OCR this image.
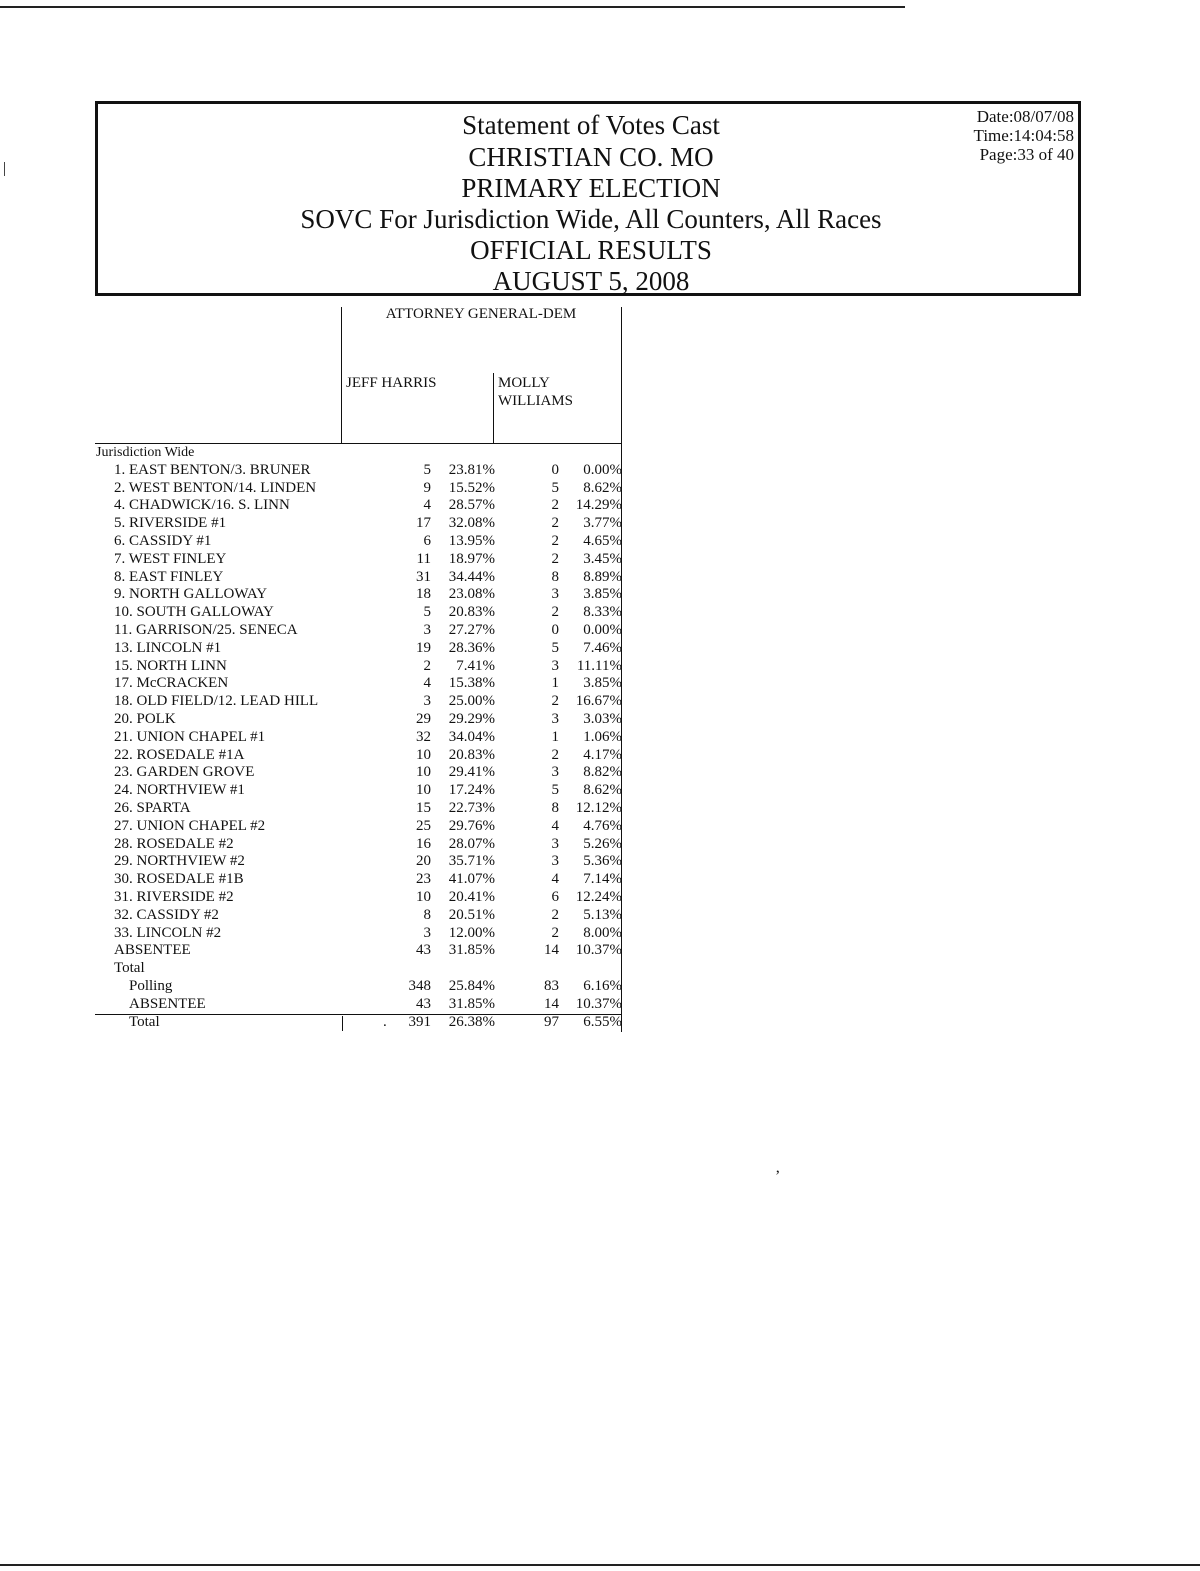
’
Statement of Votes Cast
CHRISTIAN CO. MO
PRIMARY ELECTION
SOVC For Jurisdiction Wide, All Counters, All Races
OFFICIAL RESULTS
AUGUST 5, 2008
Date:08/07/08
Time:14:04:58
Page:33 of 40
ATTORNEY GENERAL-DEM
JEFF HARRIS	MOLLY
WILLIAMS
Jurisdiction Wide
1. EAST BENTON/3. BRUNER	5 23.81%	0 0.00%
2. WEST BENTON/14. LINDEN	9 15.52%	5 8.62%
4. CHADWICK/16. S. LINN	4 28.57%	2 14.29%
5. RIVERSIDE #1	17 32.08%	2 3.77%
6. CASSIDY #1	6 13.95%	2 4.65%
7. WEST FINLEY	11 18.97%	2 3.45%
8. EAST FINLEY	31 34.44%	8 8.89%
9. NORTH GALLOWAY	18 23.08%	3 3.85%
10. SOUTH GALLOWAY	5 20.83%	2 8.33%
11. GARRISON/25. SENECA	3 27.27%	0 0.00%
13. LINCOLN #1	19 28.36%	5 7.46%
15. NORTH LINN	2 7.41%	3 11.11%
17. McCRACKEN	4 15.38%	1 3.85%
18. OLD FIELD/12. LEAD HILL	3 25.00%	2 16.67%
20. POLK	29 29.29%	3 3.03%
21. UNION CHAPEL #1	32 34.04%	1 1.06%
22. ROSEDALE #1A	10 20.83%	2 4.17%
23. GARDEN GROVE	10 29.41%	3 8.82%
24. NORTHVIEW #1	10 17.24%	5 8.62%
26. SPARTA	15 22.73%	8 12.12%
27. UNION CHAPEL #2	25 29.76%	4 4.76%
28. ROSEDALE #2	16 28.07%	3 5.26%
29. NORTHVIEW #2	20 35.71%	3 5.36%
30. ROSEDALE #1B	23 41.07%	4 7.14%
31. RIVERSIDE #2	10 20.41%	6 12.24%
32. CASSIDY #2	8 20.51%	2 5.13%
33. LINCOLN #2	3 12.00%	2 8.00%
ABSENTEE	43 31.85%	14 10.37%
Total
Polling	348 25.84%	83 6.16%
ABSENTEE	43 31.85%	14 10.37%
Total	391 26.38%	97 6.55%
.
